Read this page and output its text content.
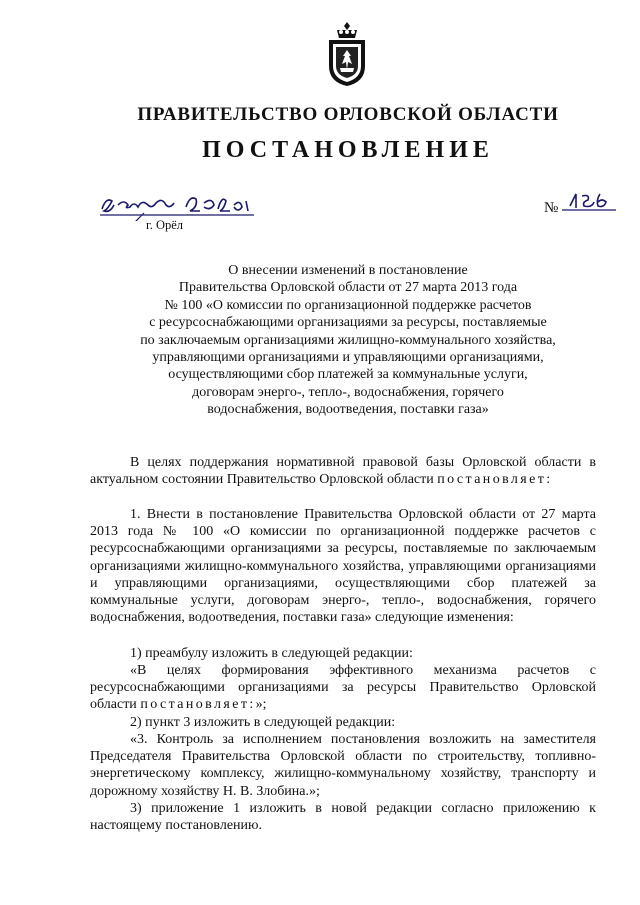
ПРАВИТЕЛЬСТВО ОРЛОВСКОЙ ОБЛАСТИ
ПОСТАНОВЛЕНИЕ
№
г. Орёл
О внесении изменений в постановление
Правительства Орловской области от 27 марта 2013 года
№ 100 «О комиссии по организационной поддержке расчетов
с ресурсоснабжающими организациями за ресурсы, поставляемые
по заключаемым организациями жилищно-коммунального хозяйства,
управляющими организациями и управляющими организациями,
осуществляющими сбор платежей за коммунальные услуги,
договорам энерго-, тепло-, водоснабжения, горячего
водоснабжения, водоотведения, поставки газа»
В целях поддержания нормативной правовой базы Орловской области в актуальном состоянии Правительство Орловской области постановляет:
1. Внести в постановление Правительства Орловской области от 27 марта 2013 года № 100 «О комиссии по организационной поддержке расчетов с ресурсоснабжающими организациями за ресурсы, поставляемые по заключаемым организациями жилищно-коммунального хозяйства, управляющими организациями и управляющими организациями, осуществляющими сбор платежей за коммунальные услуги, договорам энерго-, тепло-, водоснабжения, горячего водоснабжения, водоотведения, поставки газа» следующие изменения:
1) преамбулу изложить в следующей редакции:
«В целях формирования эффективного механизма расчетов с ресурсоснабжающими организациями за ресурсы Правительство Орловской области постановляет:»;
2) пункт 3 изложить в следующей редакции:
«3. Контроль за исполнением постановления возложить на заместителя Председателя Правительства Орловской области по строительству, топливно-энергетическому комплексу, жилищно-коммунальному хозяйству, транспорту и дорожному хозяйству Н. В. Злобина.»;
3) приложение 1 изложить в новой редакции согласно приложению к настоящему постановлению.
